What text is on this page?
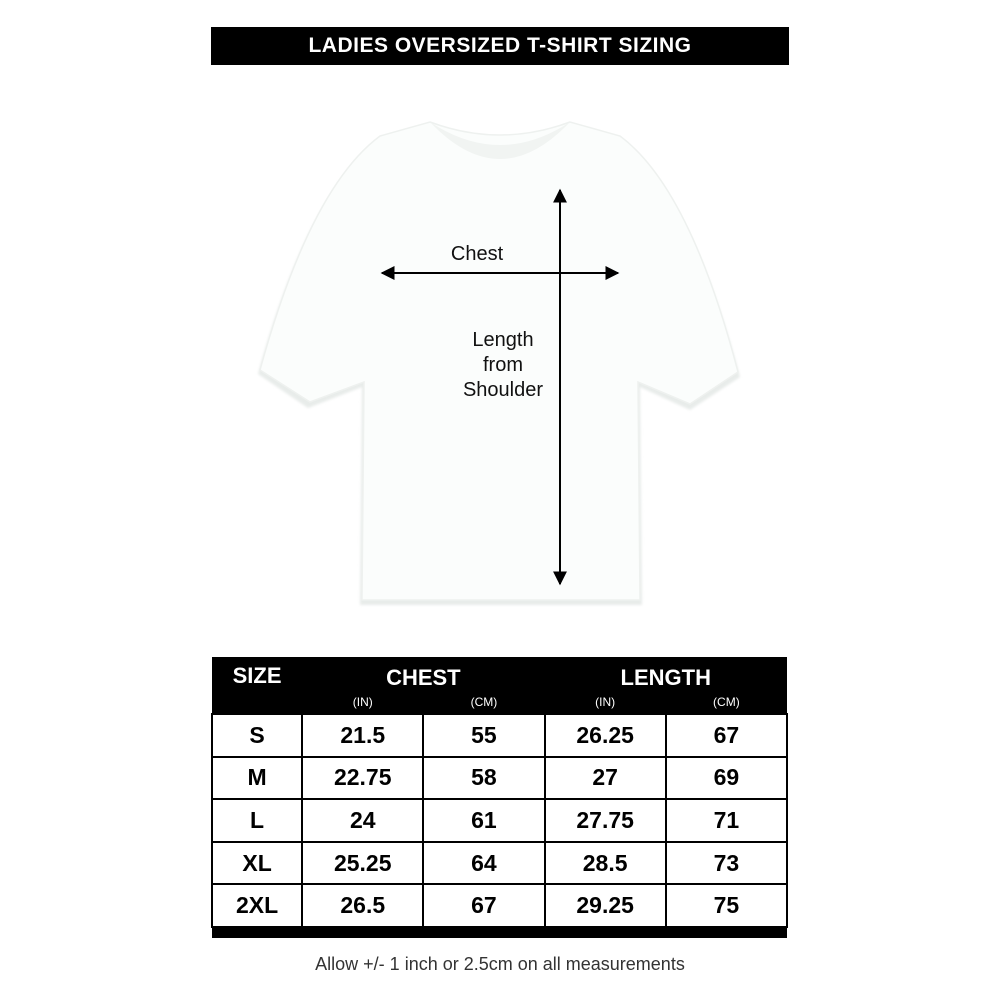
LADIES OVERSIZED T-SHIRT SIZING
Chest
Length
from
Shoulder
SIZE	CHEST		LENGTH	
	(IN)	(CM)	(IN)	(CM)
S	21.5	55	26.25	67
M	22.75	58	27	69
L	24	61	27.75	71
XL	25.25	64	28.5	73
2XL	26.5	67	29.25	75

Allow +/- 1 inch or 2.5cm on all measurements
